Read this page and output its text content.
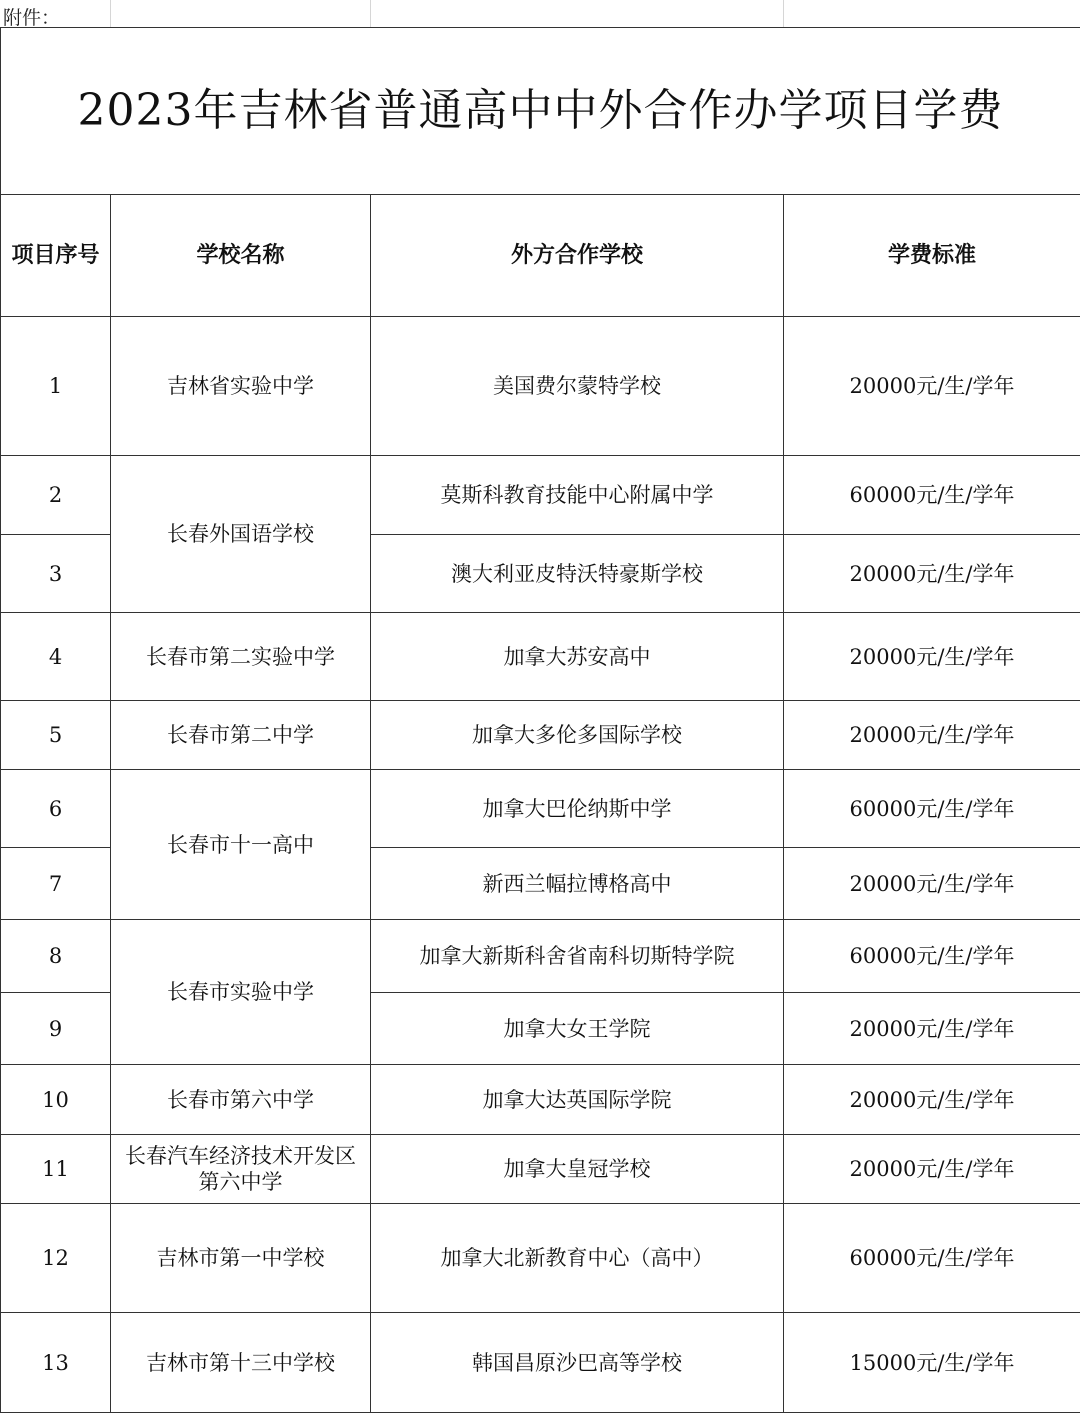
附件：
2023年吉林省普通高中中外合作办学项目学费			
项目序号	学校名称	外方合作学校	学费标准
1	吉林省实验中学	美国费尔蒙特学校	20000元/生/学年
2	长春外国语学校	莫斯科教育技能中心附属中学	60000元/生/学年
3		澳大利亚皮特沃特豪斯学校	20000元/生/学年
4	长春市第二实验中学	加拿大苏安高中	20000元/生/学年
5	长春市第二中学	加拿大多伦多国际学校	20000元/生/学年
6	长春市十一高中	加拿大巴伦纳斯中学	60000元/生/学年
7		新西兰幅拉博格高中	20000元/生/学年
8	长春市实验中学	加拿大新斯科舍省南科切斯特学院	60000元/生/学年
9		加拿大女王学院	20000元/生/学年
10	长春市第六中学	加拿大达英国际学院	20000元/生/学年
11	长春汽车经济技术开发区第六中学	加拿大皇冠学校	20000元/生/学年
12	吉林市第一中学校	加拿大北新教育中心（高中）	60000元/生/学年
13	吉林市第十三中学校	韩国昌原沙巴高等学校	15000元/生/学年
